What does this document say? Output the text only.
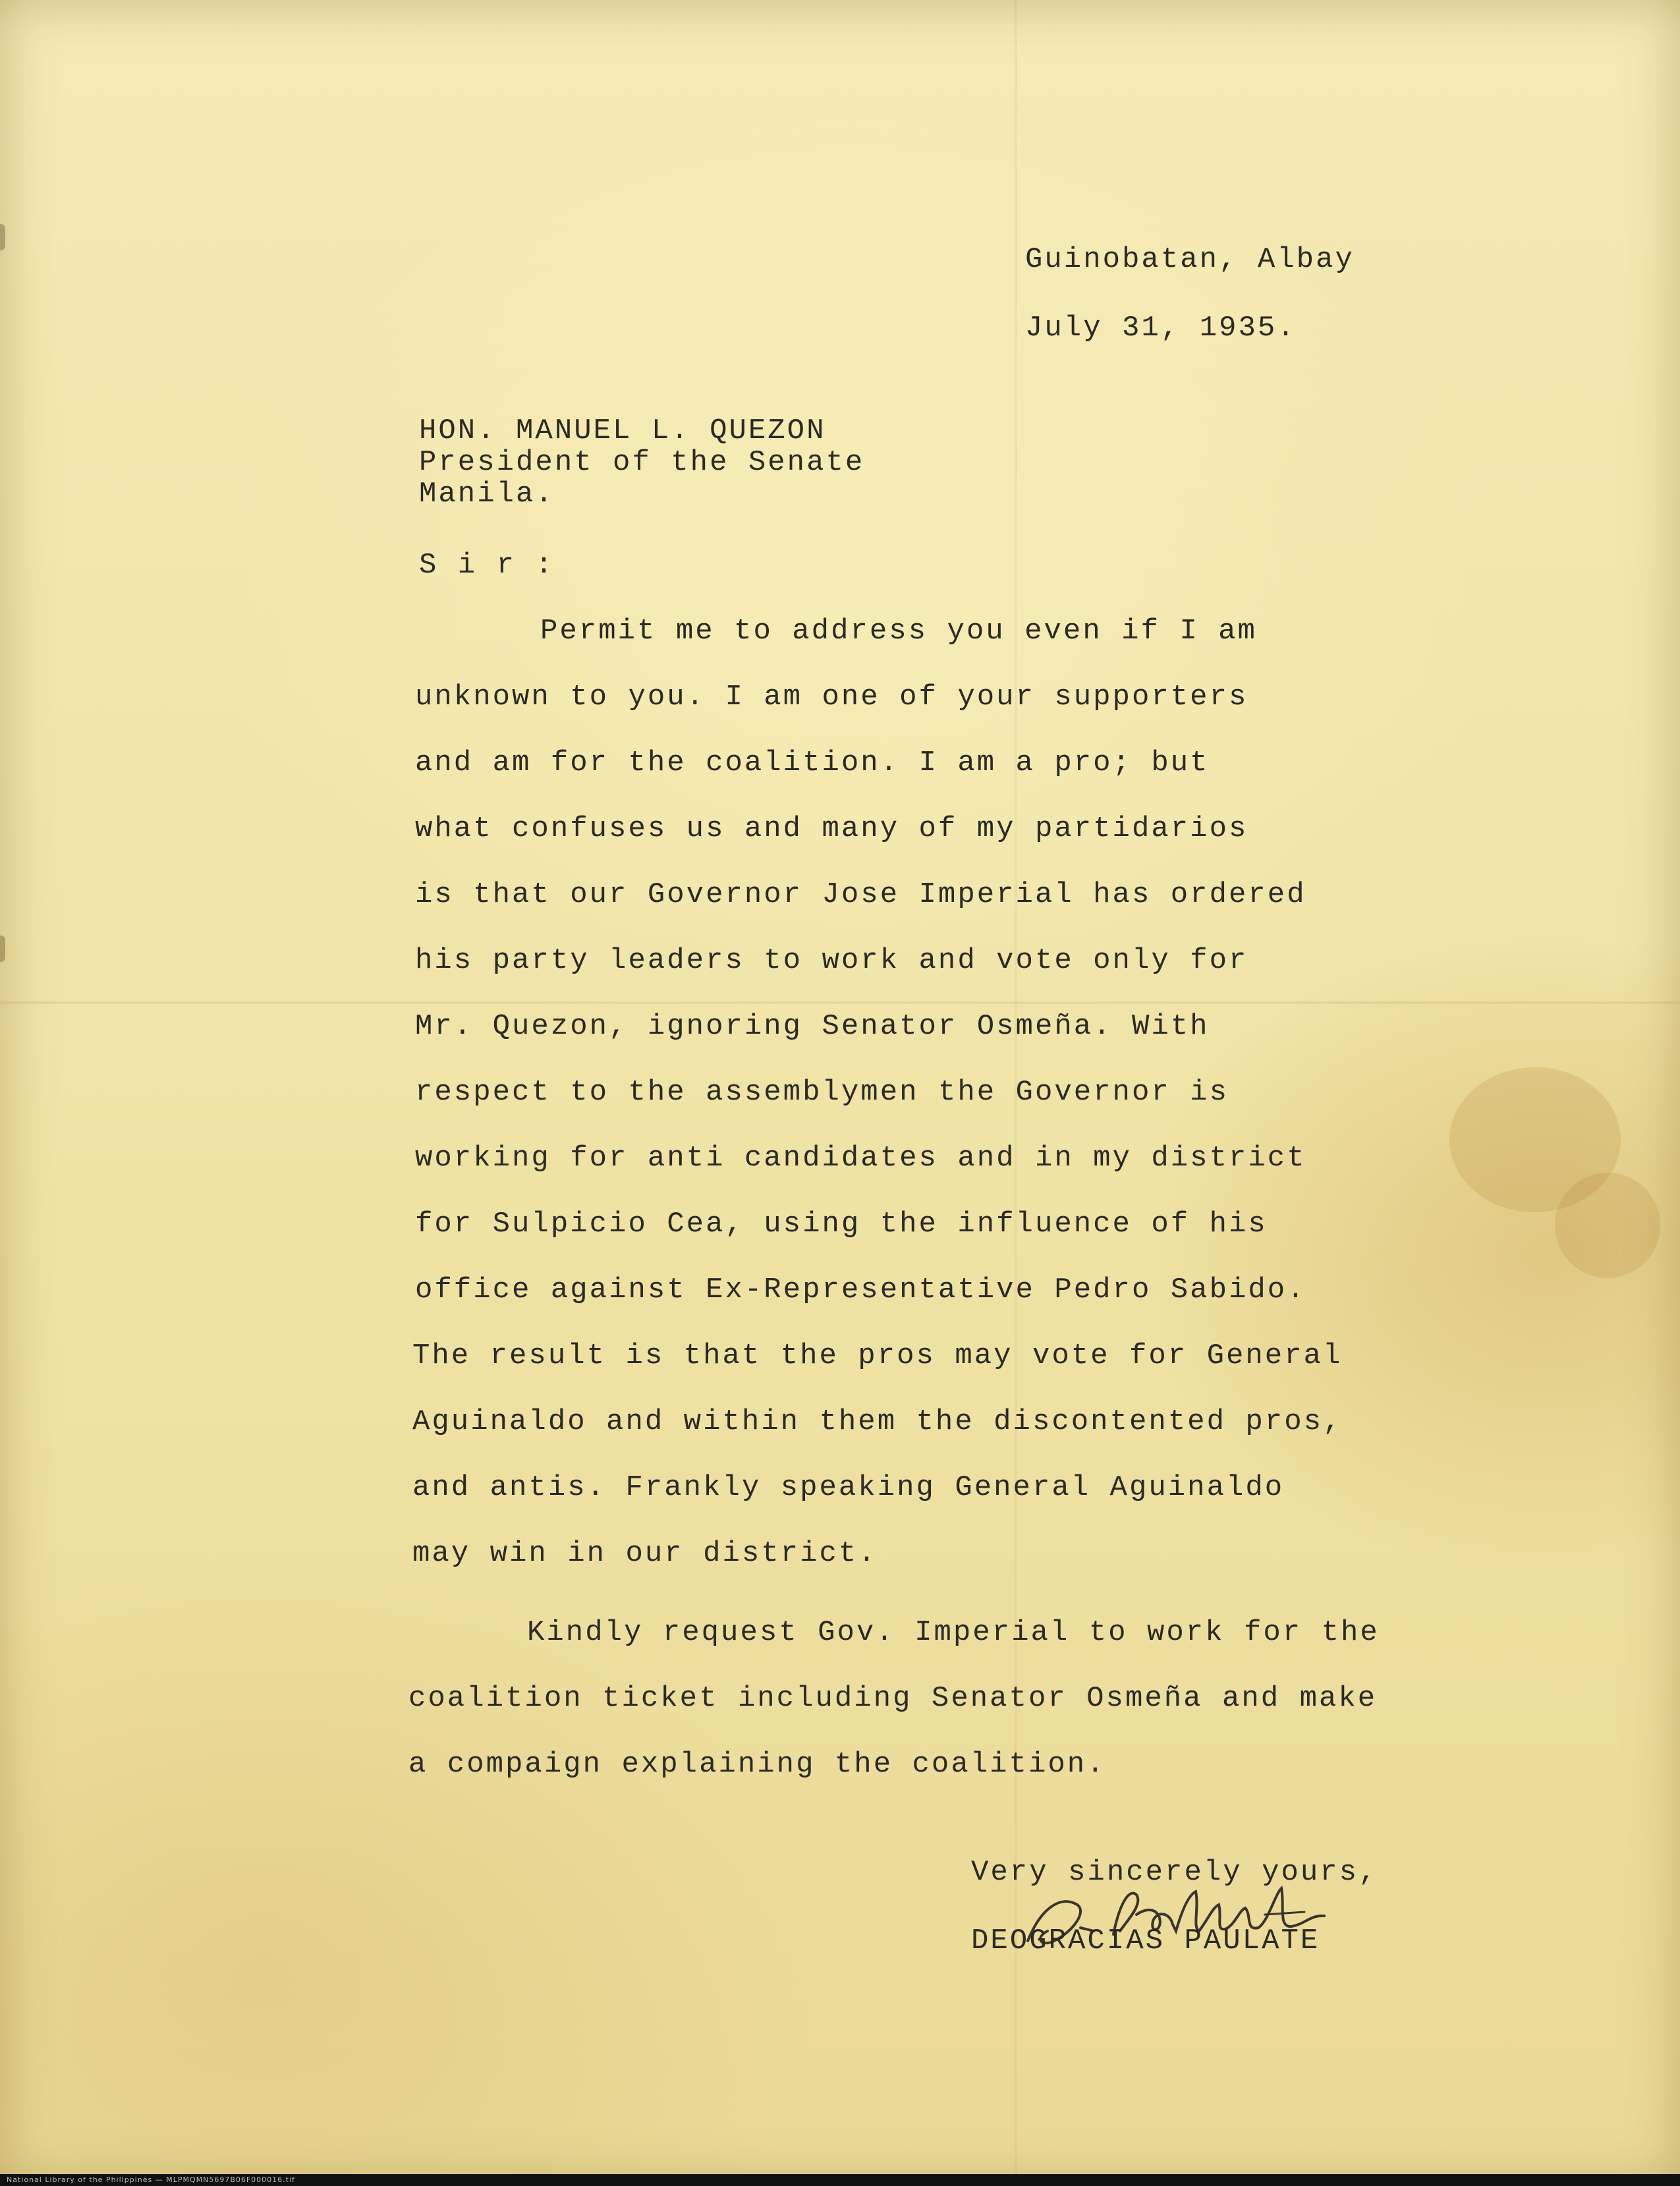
Guinobatan, Albay
July 31, 1935.
HON. MANUEL L. QUEZON
President of the Senate
Manila.
S i r :
Permit me to address you even if I am
unknown to you. I am one of your supporters
and am for the coalition. I am a pro; but
what confuses us and many of my partidarios
is that our Governor Jose Imperial has ordered
his party leaders to work and vote only for
Mr. Quezon, ignoring Senator Osmeña. With
respect to the assemblymen the Governor is
working for anti candidates and in my district
for Sulpicio Cea, using the influence of his
office against Ex-Representative Pedro Sabido.
The result is that the pros may vote for General
Aguinaldo and within them the discontented pros,
and antis. Frankly speaking General Aguinaldo
may win in our district.
Kindly request Gov. Imperial to work for the
coalition ticket including Senator Osmeña and make
a compaign explaining the coalition.
Very sincerely yours,
DEOGRACIAS PAULATE
National Library of the Philippines — MLPMQMN5697B06F000016.tif
